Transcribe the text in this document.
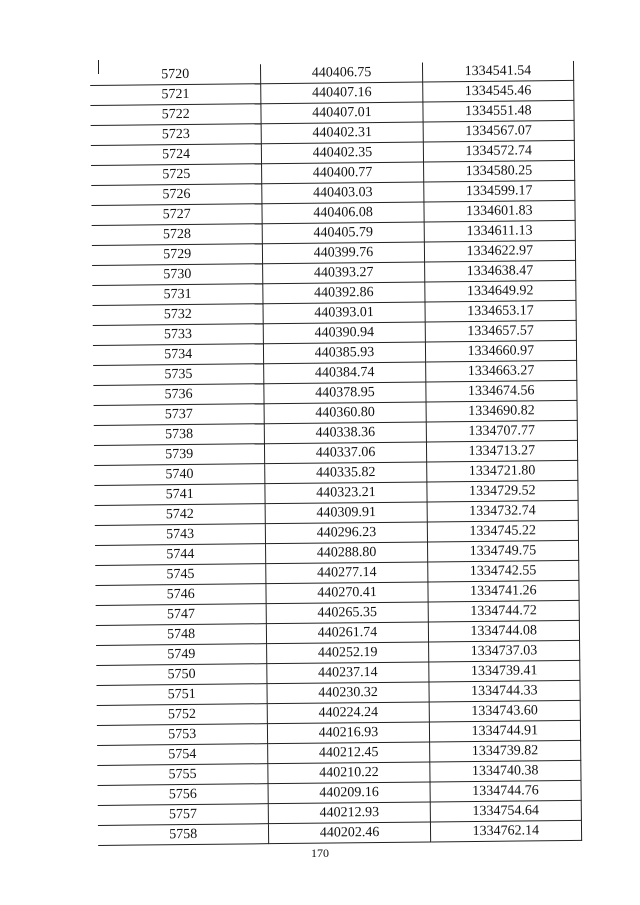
5720	440406.75	1334541.54
5721	440407.16	1334545.46
5722	440407.01	1334551.48
5723	440402.31	1334567.07
5724	440402.35	1334572.74
5725	440400.77	1334580.25
5726	440403.03	1334599.17
5727	440406.08	1334601.83
5728	440405.79	1334611.13
5729	440399.76	1334622.97
5730	440393.27	1334638.47
5731	440392.86	1334649.92
5732	440393.01	1334653.17
5733	440390.94	1334657.57
5734	440385.93	1334660.97
5735	440384.74	1334663.27
5736	440378.95	1334674.56
5737	440360.80	1334690.82
5738	440338.36	1334707.77
5739	440337.06	1334713.27
5740	440335.82	1334721.80
5741	440323.21	1334729.52
5742	440309.91	1334732.74
5743	440296.23	1334745.22
5744	440288.80	1334749.75
5745	440277.14	1334742.55
5746	440270.41	1334741.26
5747	440265.35	1334744.72
5748	440261.74	1334744.08
5749	440252.19	1334737.03
5750	440237.14	1334739.41
5751	440230.32	1334744.33
5752	440224.24	1334743.60
5753	440216.93	1334744.91
5754	440212.45	1334739.82
5755	440210.22	1334740.38
5756	440209.16	1334744.76
5757	440212.93	1334754.64
5758	440202.46	1334762.14
170
